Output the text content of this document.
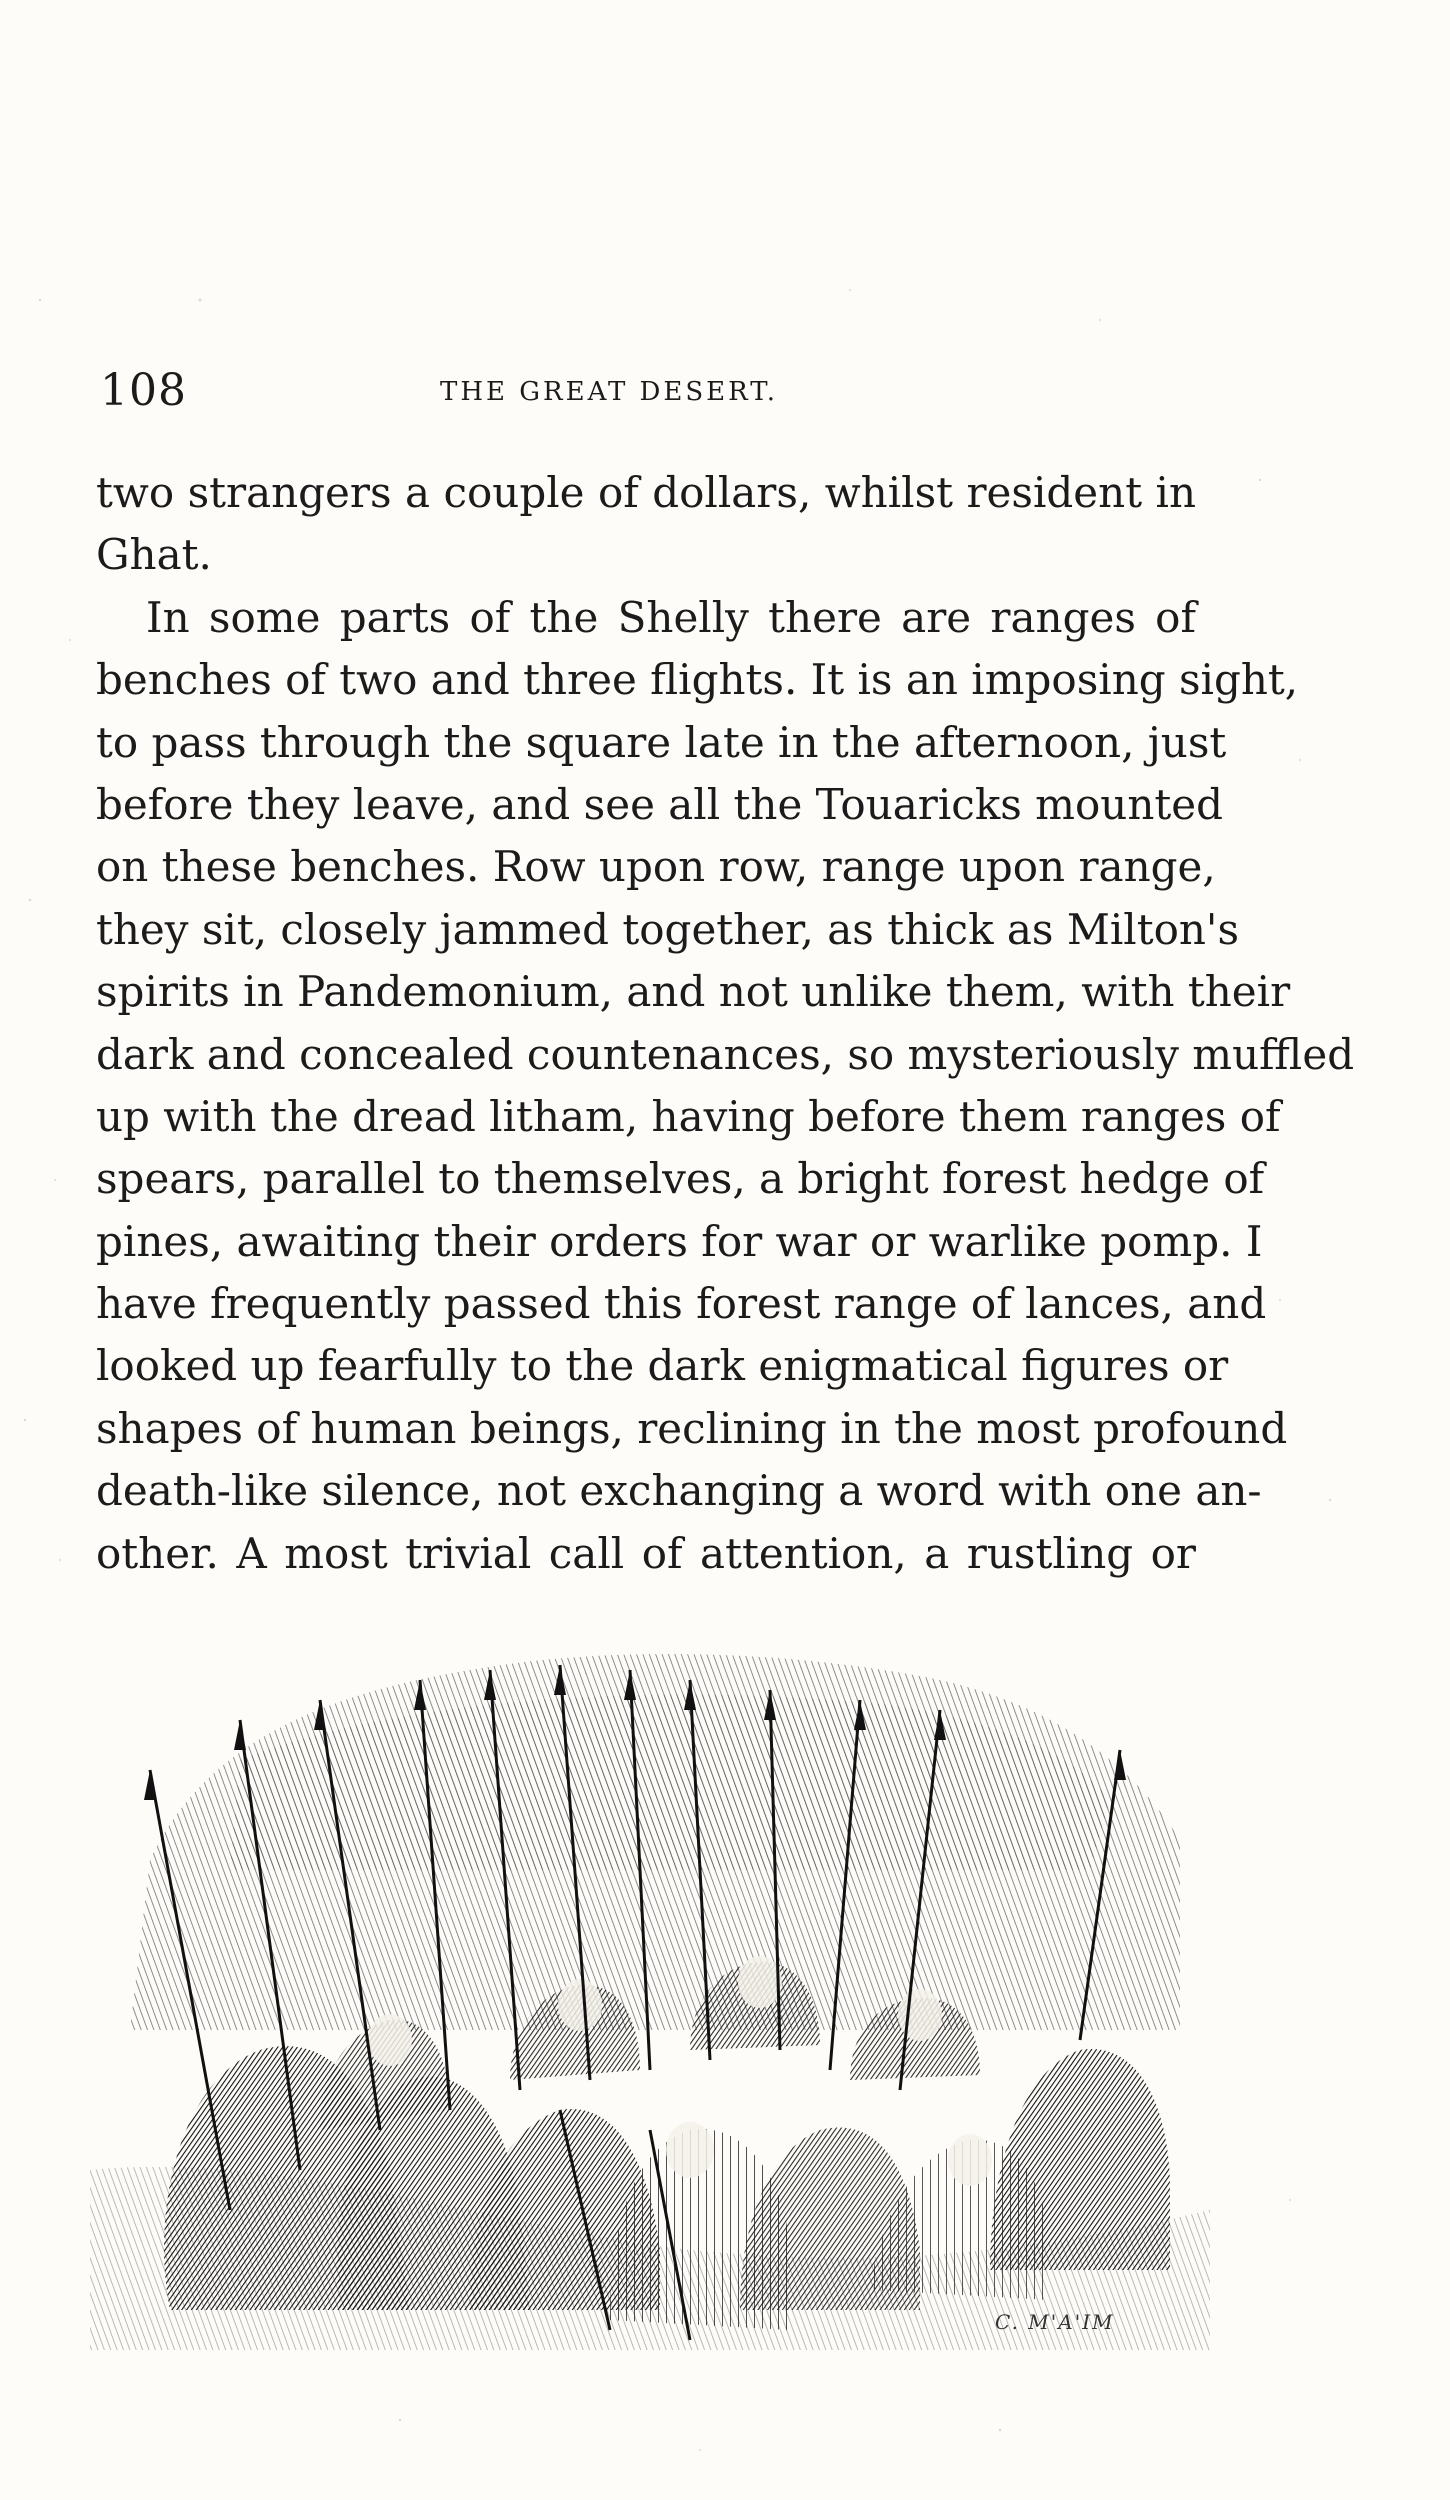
108	THE GREAT DESERT.
two strangers a couple of dollars, whilst resident in
Ghat.
In some parts of the Shelly there are ranges of
benches of two and three flights. It is an imposing sight,
to pass through the square late in the afternoon, just
before they leave, and see all the Touaricks mounted
on these benches. Row upon row, range upon range,
they sit, closely jammed together, as thick as Milton's
spirits in Pandemonium, and not unlike them, with their
dark and concealed countenances, so mysteriously muffled
up with the dread litham, having before them ranges of
spears, parallel to themselves, a bright forest hedge of
pines, awaiting their orders for war or warlike pomp. I
have frequently passed this forest range of lances, and
looked up fearfully to the dark enigmatical figures or
shapes of human beings, reclining in the most profound
death-like silence, not exchanging a word with one an-
other. A most trivial call of attention, a rustling or
C. M'A'IM
